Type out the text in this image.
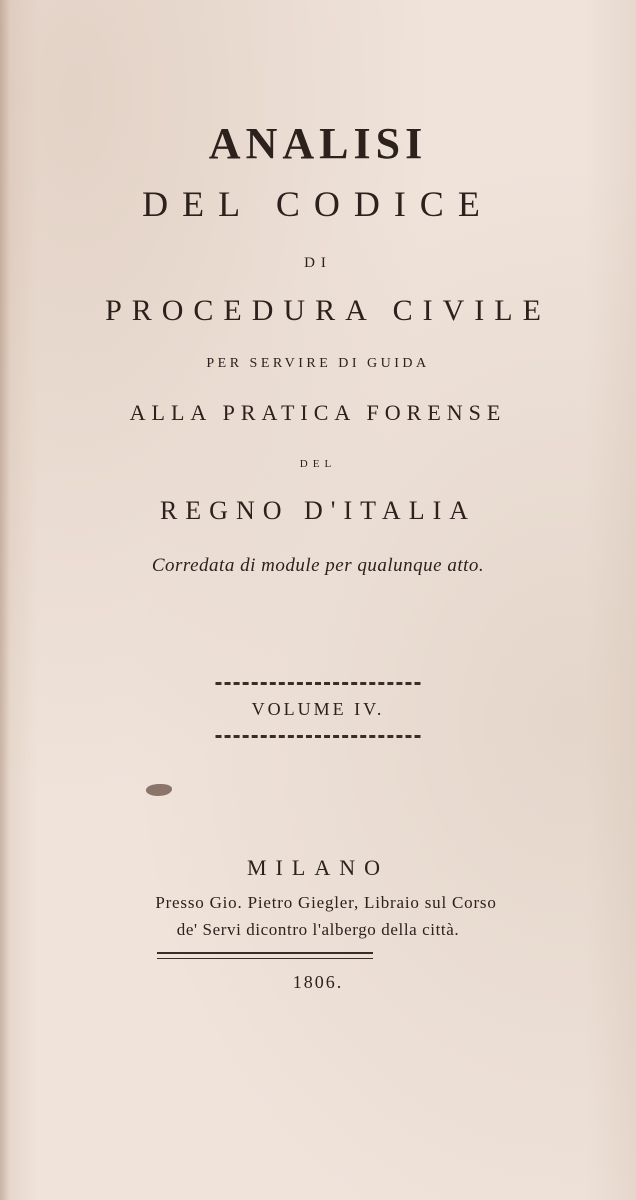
ANALISI
DEL CODICE
DI
PROCEDURA CIVILE
PER SERVIRE DI GUIDA
ALLA PRATICA FORENSE
DEL
REGNO D'ITALIA
Corredata di module per qualunque atto.
VOLUME IV.
MILANO
Presso Gio. Pietro Giegler, Libraio sul Corso
de' Servi dicontro l'albergo della città.
1806.
